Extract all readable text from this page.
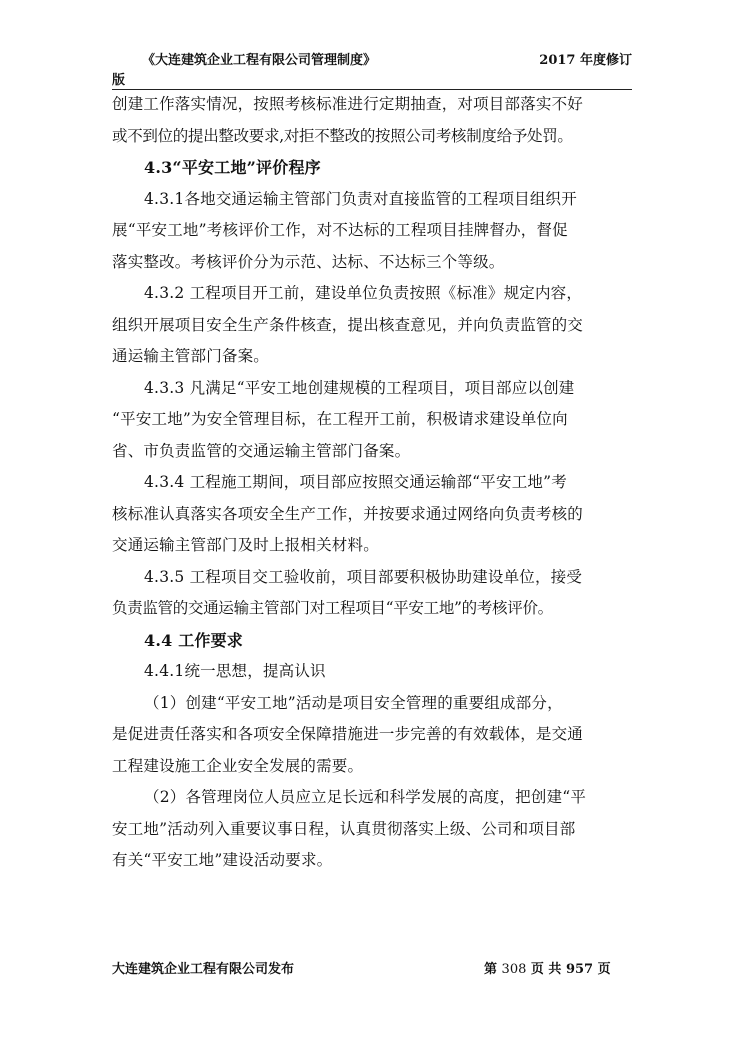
《大连建筑企业工程有限公司管理制度》	2017 年度修订
版
创建工作落实情况，按照考核标准进行定期抽查，对项目部落实不好
或不到位的提出整改要求,对拒不整改的按照公司考核制度给予处罚。
4.3“平安工地”评价程序
4.3.1各地交通运输主管部门负责对直接监管的工程项目组织开
展“平安工地”考核评价工作，对不达标的工程项目挂牌督办，督促
落实整改。考核评价分为示范、达标、不达标三个等级。
4.3.2 工程项目开工前，建设单位负责按照《标准》规定内容，
组织开展项目安全生产条件核查，提出核查意见，并向负责监管的交
通运输主管部门备案。
4.3.3 凡满足“平安工地创建规模的工程项目，项目部应以创建
“平安工地”为安全管理目标，在工程开工前，积极请求建设单位向
省、市负责监管的交通运输主管部门备案。
4.3.4 工程施工期间，项目部应按照交通运输部“平安工地”考
核标准认真落实各项安全生产工作，并按要求通过网络向负责考核的
交通运输主管部门及时上报相关材料。
4.3.5 工程项目交工验收前，项目部要积极协助建设单位，接受
负责监管的交通运输主管部门对工程项目“平安工地”的考核评价。
4.4 工作要求
4.4.1统一思想，提高认识
（1）创建“平安工地”活动是项目安全管理的重要组成部分，
是促进责任落实和各项安全保障措施进一步完善的有效载体，是交通
工程建设施工企业安全发展的需要。
（2）各管理岗位人员应立足长远和科学发展的高度，把创建“平
安工地”活动列入重要议事日程，认真贯彻落实上级、公司和项目部
有关“平安工地”建设活动要求。
大连建筑企业工程有限公司发布	第 308 页 共 957 页
